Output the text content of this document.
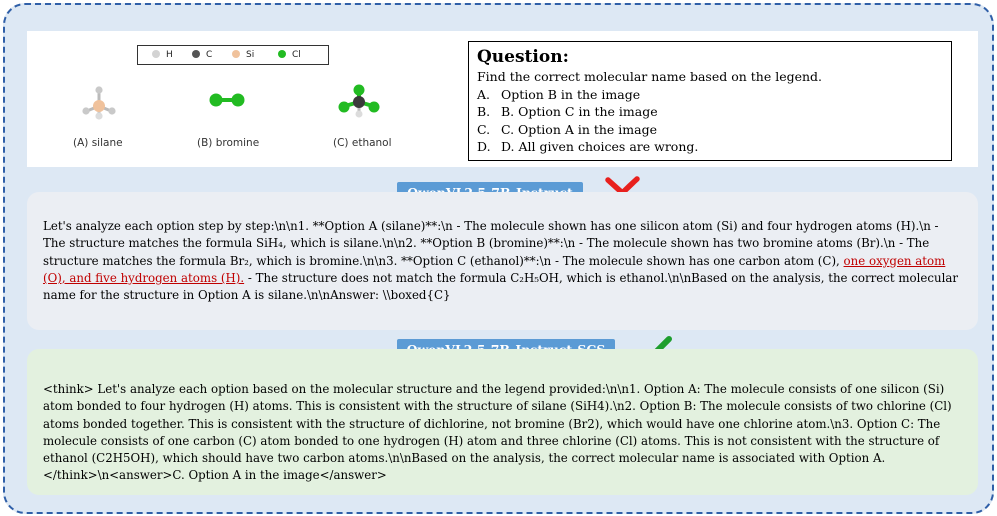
H	C	Si	Cl
(A) silane	(B) bromine	(C) ethanol
Question:
Find the correct molecular name based on the legend.
A. Option B in the image
B. B. Option C in the image
C. C. Option A in the image
D. D. All given choices are wrong.
Let's analyze each option step by step:\n\n1. **Option A (silane)**:\n - The molecule shown has one silicon atom (Si) and four hydrogen atoms (H).\n - The structure matches the formula SiH₄, which is silane.\n\n2. **Option B (bromine)**:\n - The molecule shown has two bromine atoms (Br).\n - The structure matches the formula Br₂, which is bromine.\n\n3. **Option C (ethanol)**:\n - The molecule shown has one carbon atom (C), one oxygen atom (O), and five hydrogen atoms (H). - The structure does not match the formula C₂H₅OH, which is ethanol.\n\nBased on the analysis, the correct molecular name for the structure in Option A is silane.\n\nAnswer: \\boxed{C}
<think> Let's analyze each option based on the molecular structure and the legend provided:\n\n1. Option A: The molecule consists of one silicon (Si) atom bonded to four hydrogen (H) atoms. This is consistent with the structure of silane (SiH4).\n2. Option B: The molecule consists of two chlorine (Cl) atoms bonded together. This is consistent with the structure of dichlorine, not bromine (Br2), which would have one chlorine atom.\n3. Option C: The molecule consists of one carbon (C) atom bonded to one hydrogen (H) atom and three chlorine (Cl) atoms. This is not consistent with the structure of ethanol (C2H5OH), which should have two carbon atoms.\n\nBased on the analysis, the correct molecular name is associated with Option A.</think>\n<answer>C. Option A in the image</answer>
